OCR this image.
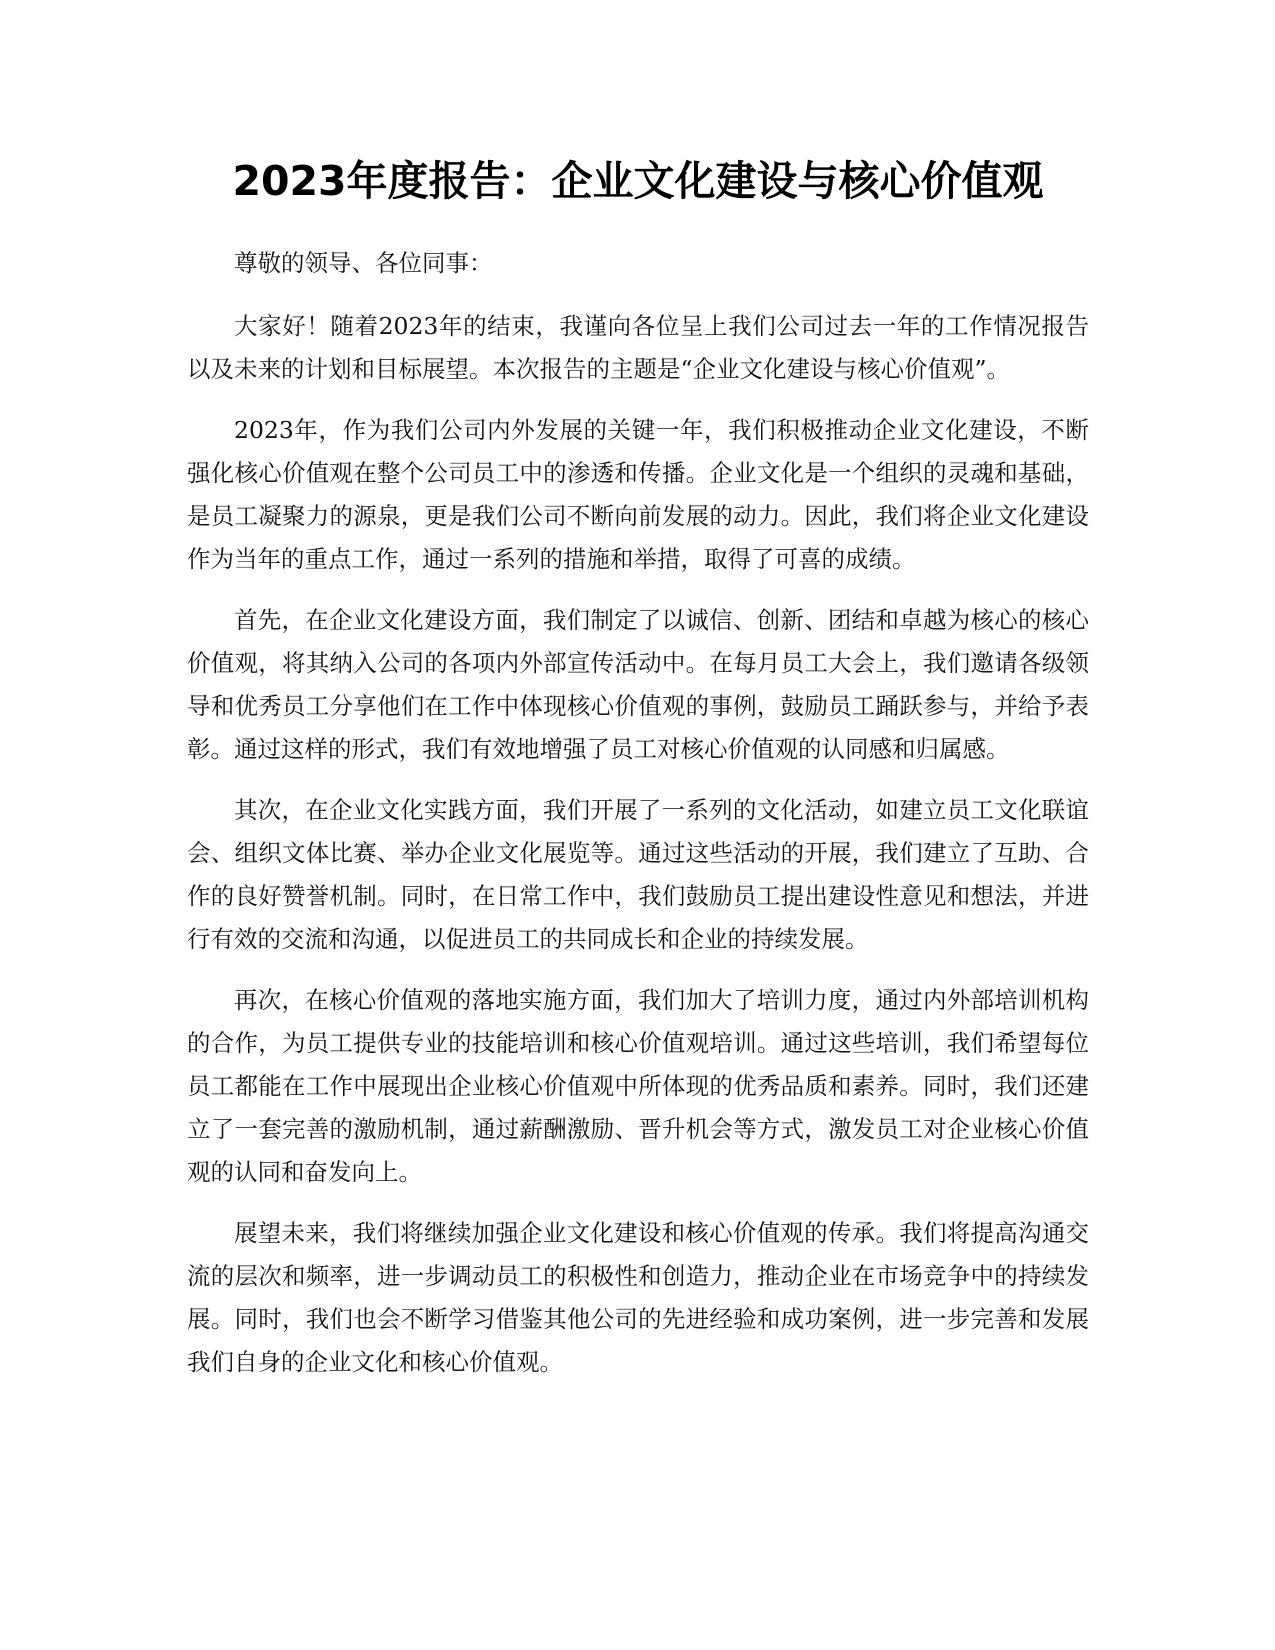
2023年度报告：企业文化建设与核心价值观

尊敬的领导、各位同事：

大家好！随着2023年的结束，我谨向各位呈上我们公司过去一年的工作情况报告以及未来的计划和目标展望。本次报告的主题是“企业文化建设与核心价值观”。

2023年，作为我们公司内外发展的关键一年，我们积极推动企业文化建设，不断强化核心价值观在整个公司员工中的渗透和传播。企业文化是一个组织的灵魂和基础，是员工凝聚力的源泉，更是我们公司不断向前发展的动力。因此，我们将企业文化建设作为当年的重点工作，通过一系列的措施和举措，取得了可喜的成绩。

首先，在企业文化建设方面，我们制定了以诚信、创新、团结和卓越为核心的核心价值观，将其纳入公司的各项内外部宣传活动中。在每月员工大会上，我们邀请各级领导和优秀员工分享他们在工作中体现核心价值观的事例，鼓励员工踊跃参与，并给予表彰。通过这样的形式，我们有效地增强了员工对核心价值观的认同感和归属感。

其次，在企业文化实践方面，我们开展了一系列的文化活动，如建立员工文化联谊会、组织文体比赛、举办企业文化展览等。通过这些活动的开展，我们建立了互助、合作的良好赞誉机制。同时，在日常工作中，我们鼓励员工提出建设性意见和想法，并进行有效的交流和沟通，以促进员工的共同成长和企业的持续发展。

再次，在核心价值观的落地实施方面，我们加大了培训力度，通过内外部培训机构的合作，为员工提供专业的技能培训和核心价值观培训。通过这些培训，我们希望每位员工都能在工作中展现出企业核心价值观中所体现的优秀品质和素养。同时，我们还建立了一套完善的激励机制，通过薪酬激励、晋升机会等方式，激发员工对企业核心价值观的认同和奋发向上。

展望未来，我们将继续加强企业文化建设和核心价值观的传承。我们将提高沟通交流的层次和频率，进一步调动员工的积极性和创造力，推动企业在市场竞争中的持续发展。同时，我们也会不断学习借鉴其他公司的先进经验和成功案例，进一步完善和发展我们自身的企业文化和核心价值观。
